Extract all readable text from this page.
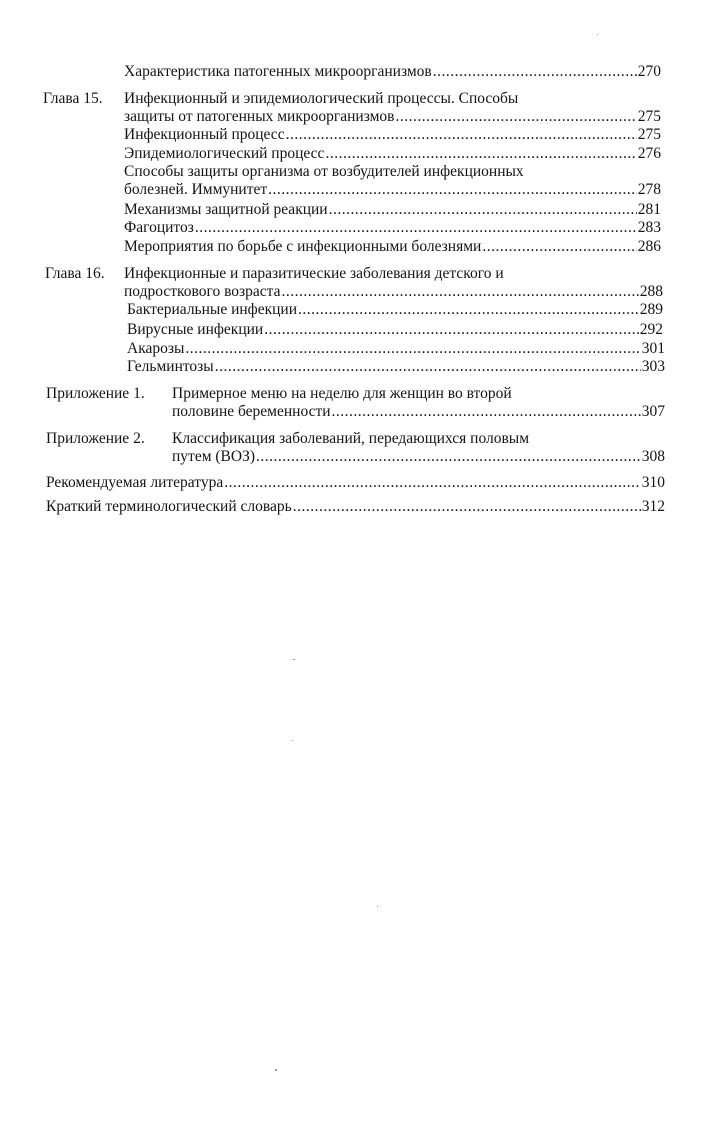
Характеристика патогенных микроорганизмов .....	270
Глава 15. Инфекционный и эпидемиологический процессы. Способы
защиты от патогенных микроорганизмов .....	275
Инфекционный процесс .....	275
Эпидемиологический процесс .....	276
Способы защиты организма от возбудителей инфекционных
болезней. Иммунитет .....	278
Механизмы защитной реакции .....	281
Фагоцитоз .....	283
Мероприятия по борьбе с инфекционными болезнями .....	286
Глава 16. Инфекционные и паразитические заболевания детского и
подросткового возраста .....	288
Бактериальные инфекции .....	289
Вирусные инфекции .....	292
Акарозы .....	301
Гельминтозы .....	303
Приложение 1. Примерное меню на неделю для женщин во второй
половине беременности .....	307
Приложение 2. Классификация заболеваний, передающихся половым
путем (ВОЗ) .....	308
Рекомендуемая литература .....	310
Краткий терминологический словарь .....	312
